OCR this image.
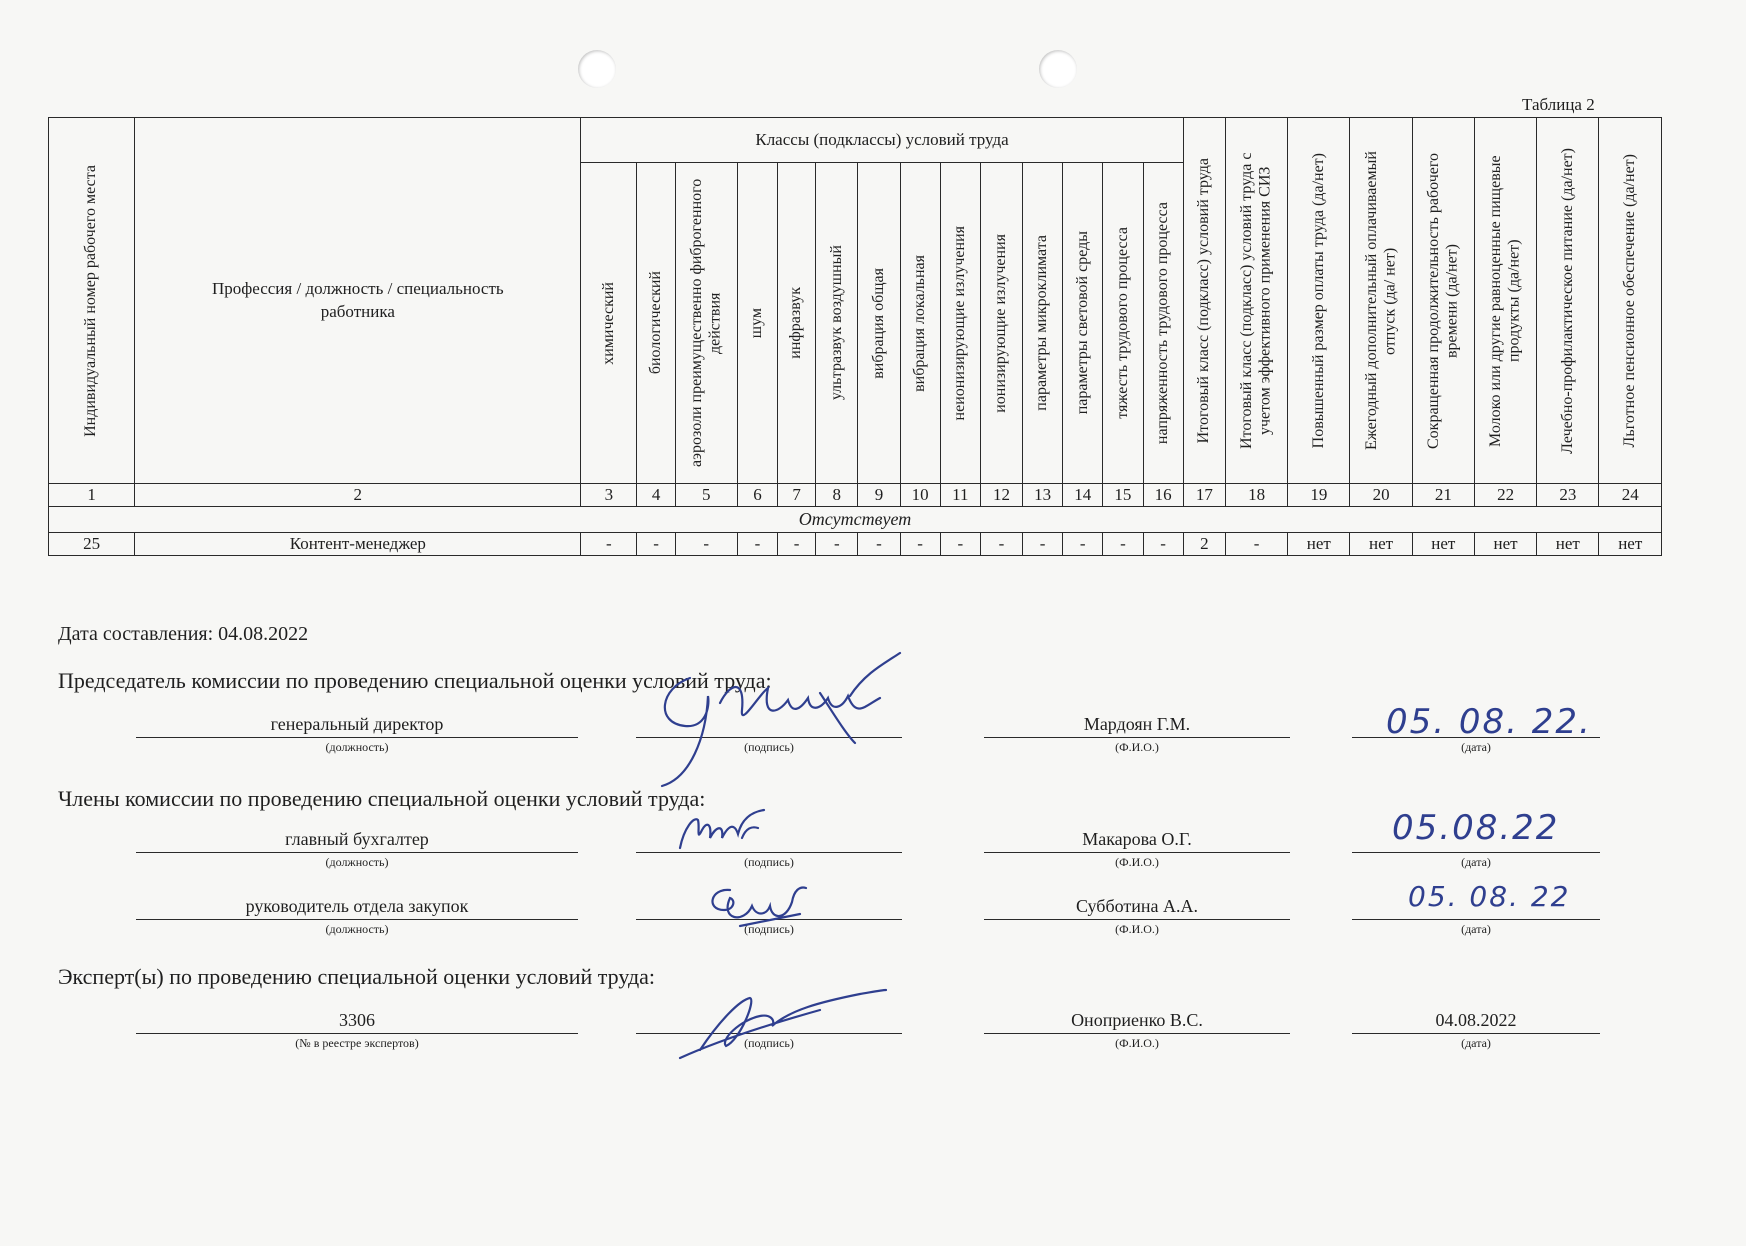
Таблица 2
Индивидуальный номер рабочего места	Профессия / должность / специальность работника	Классы (подклассы) условий труда														Итоговый класс (подкласс) условий труда	Итоговый класс (подкласс) условий труда с учетом эффективного применения СИЗ	Повышенный размер оплаты труда (да/нет)	Ежегодный дополнительный оплачиваемый отпуск (да/ нет)	Сокращенная продолжительность рабочего времени (да/нет)	Молоко или другие равноценные пищевые продукты (да/нет)	Лечебно-профилактическое питание (да/нет)	Льготное пенсионное обеспечение (да/нет)

		химический	биологический	аэрозоли преимущественно фиброгенного действия	шум	инфразвук	ультразвук воздушный	вибрация общая	вибрация локальная	неионизирующие излучения	ионизирующие излучения	параметры микроклимата	параметры световой среды	тяжесть трудового процесса	напряженность трудового процесса								

1	2	3	4	5	6	7	8	9	10	11	12	13	14	15	16	17	18	19	20	21	22	23	24
Отсутствует																							
25	Контент-менеджер	-	-	-	-	-	-	-	-	-	-	-	-	-	-	2	-	нет	нет	нет	нет	нет	нет
Дата составления: 04.08.2022
Председатель комиссии по проведению специальной оценки условий труда:
генеральный директор
(должность)	(подпись)
Мардоян Г.М.
(Ф.И.О.)	(дата)
05. 08. 22.
Члены комиссии по проведению специальной оценки условий труда:
главный бухгалтер
(должность)	(подпись)
Макарова О.Г.
(Ф.И.О.)	(дата)
05.08.22
руководитель отдела закупок
(должность)	(подпись)
Субботина А.А.
(Ф.И.О.)	(дата)
05. 08. 22
Эксперт(ы) по проведению специальной оценки условий труда:
3306
(№ в реестре экспертов)	(подпись)
Оноприенко В.С.
(Ф.И.О.)
04.08.2022
(дата)
